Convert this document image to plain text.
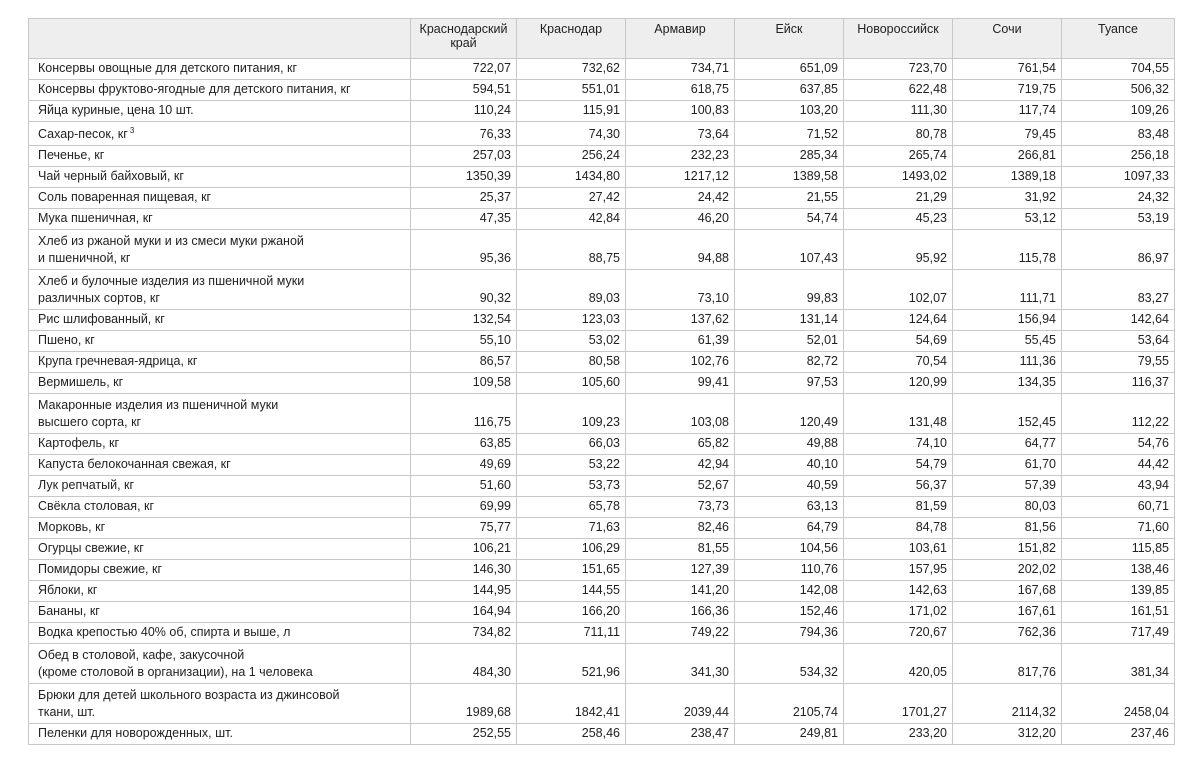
	Краснодарский край	Краснодар	Армавир	Ейск	Новороссийск	Сочи	Туапсе
Консервы овощные для детского питания, кг	722,07	732,62	734,71	651,09	723,70	761,54	704,55
Консервы фруктово-ягодные для детского питания, кг	594,51	551,01	618,75	637,85	622,48	719,75	506,32
Яйца куриные, цена 10 шт.	110,24	115,91	100,83	103,20	111,30	117,74	109,26
Сахар-песок, кг $^3$	76,33	74,30	73,64	71,52	80,78	79,45	83,48
Печенье, кг	257,03	256,24	232,23	285,34	265,74	266,81	256,18
Чай черный байховый, кг	1350,39	1434,80	1217,12	1389,58	1493,02	1389,18	1097,33
Соль поваренная пищевая, кг	25,37	27,42	24,42	21,55	21,29	31,92	24,32
Мука пшеничная, кг	47,35	42,84	46,20	54,74	45,23	53,12	53,19
Хлеб из ржаной муки и из смеси муки ржаной
и пшеничной, кг	95,36	88,75	94,88	107,43	95,92	115,78	86,97
Хлеб и булочные изделия из пшеничной муки
различных сортов, кг	90,32	89,03	73,10	99,83	102,07	111,71	83,27
Рис шлифованный, кг	132,54	123,03	137,62	131,14	124,64	156,94	142,64
Пшено, кг	55,10	53,02	61,39	52,01	54,69	55,45	53,64
Крупа гречневая-ядрица, кг	86,57	80,58	102,76	82,72	70,54	111,36	79,55
Вермишель, кг	109,58	105,60	99,41	97,53	120,99	134,35	116,37
Макаронные изделия из пшеничной муки
высшего сорта, кг	116,75	109,23	103,08	120,49	131,48	152,45	112,22
Картофель, кг	63,85	66,03	65,82	49,88	74,10	64,77	54,76
Капуста белокочанная свежая, кг	49,69	53,22	42,94	40,10	54,79	61,70	44,42
Лук репчатый, кг	51,60	53,73	52,67	40,59	56,37	57,39	43,94
Свёкла столовая, кг	69,99	65,78	73,73	63,13	81,59	80,03	60,71
Морковь, кг	75,77	71,63	82,46	64,79	84,78	81,56	71,60
Огурцы свежие, кг	106,21	106,29	81,55	104,56	103,61	151,82	115,85
Помидоры свежие, кг	146,30	151,65	127,39	110,76	157,95	202,02	138,46
Яблоки, кг	144,95	144,55	141,20	142,08	142,63	167,68	139,85
Бананы, кг	164,94	166,20	166,36	152,46	171,02	167,61	161,51
Водка крепостью 40% об, спирта и выше, л	734,82	711,11	749,22	794,36	720,67	762,36	717,49
Обед в столовой, кафе, закусочной
(кроме столовой в организации), на 1 человека	484,30	521,96	341,30	534,32	420,05	817,76	381,34
Брюки для детей школьного возраста из джинсовой
ткани, шт.	1989,68	1842,41	2039,44	2105,74	1701,27	2114,32	2458,04
Пеленки для новорожденных, шт.	252,55	258,46	238,47	249,81	233,20	312,20	237,46
